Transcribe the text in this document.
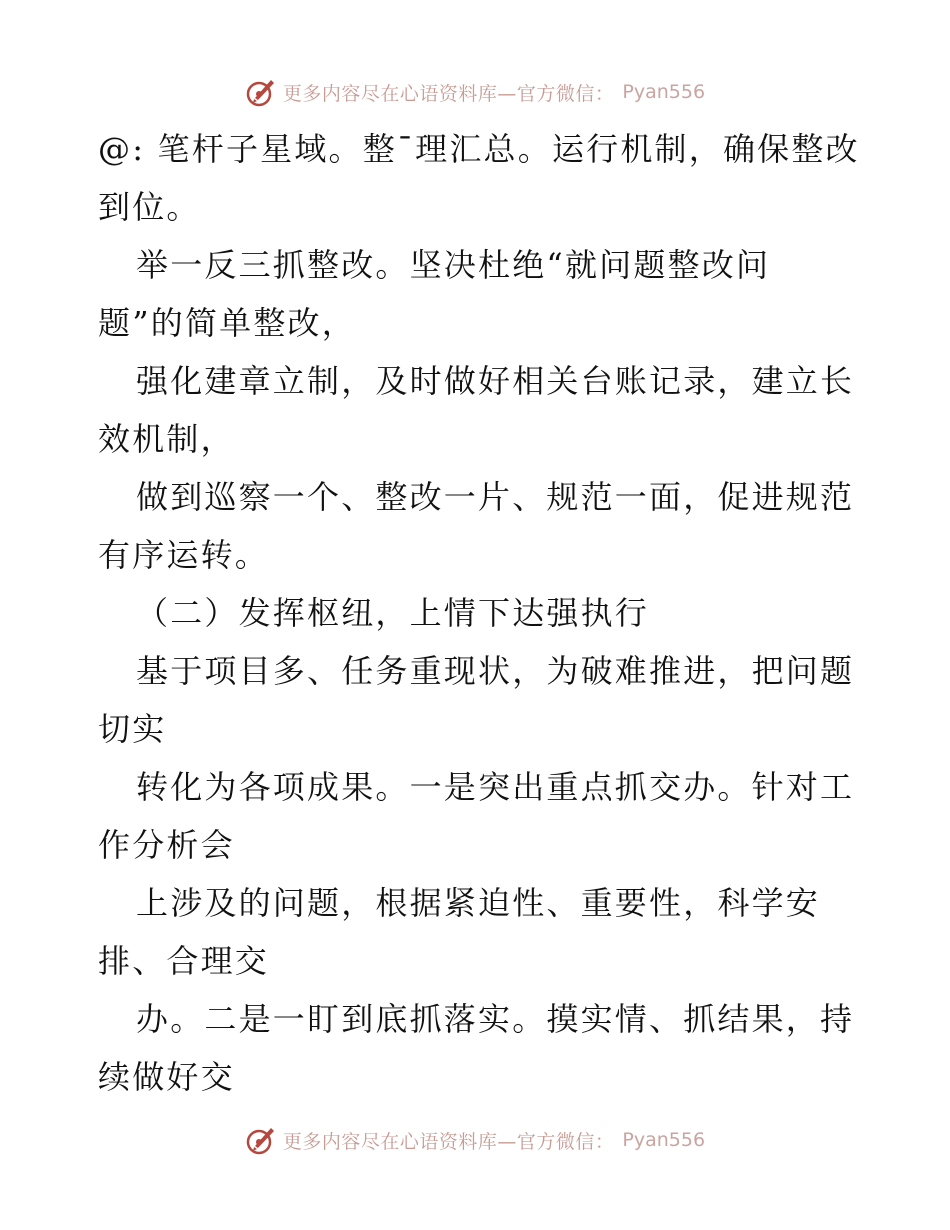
更多内容尽在心语资料库—官方微信： Pyan556
@: 笔杆子星域。整¯理汇总。运行机制，确保整改
到位。
举一反三抓整改。坚决杜绝“就问题整改问
题”的简单整改，
强化建章立制，及时做好相关台账记录，建立长
效机制，
做到巡察一个、整改一片、规范一面，促进规范
有序运转。
（二）发挥枢纽，上情下达强执行
基于项目多、任务重现状，为破难推进，把问题
切实
转化为各项成果。一是突出重点抓交办。针对工
作分析会
上涉及的问题，根据紧迫性、重要性，科学安
排、合理交
办。二是一盯到底抓落实。摸实情、抓结果，持
续做好交
更多内容尽在心语资料库—官方微信： Pyan556
